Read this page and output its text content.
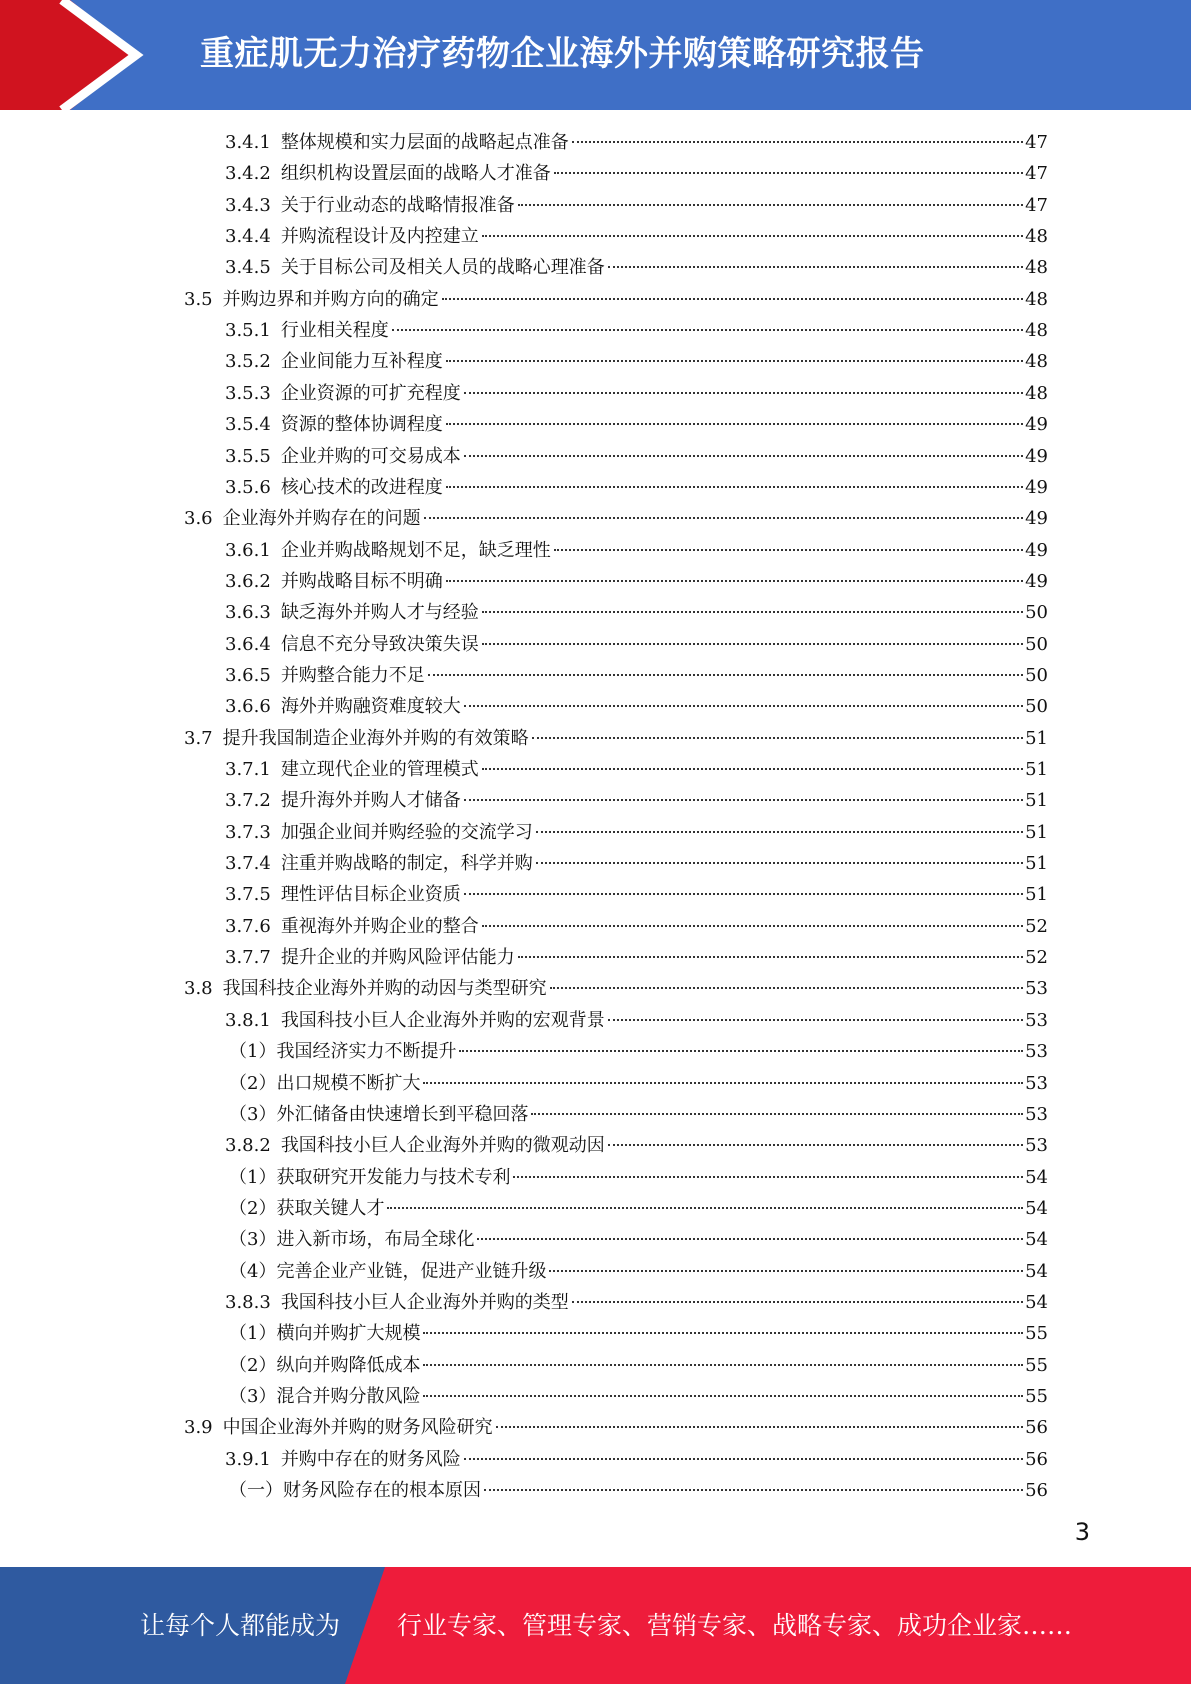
重症肌无力治疗药物企业海外并购策略研究报告
3.4.1 整体规模和实力层面的战略起点准备	47
3.4.2 组织机构设置层面的战略人才准备	47
3.4.3 关于行业动态的战略情报准备	47
3.4.4 并购流程设计及内控建立	48
3.4.5 关于目标公司及相关人员的战略心理准备	48
3.5 并购边界和并购方向的确定	48
3.5.1 行业相关程度	48
3.5.2 企业间能力互补程度	48
3.5.3 企业资源的可扩充程度	48
3.5.4 资源的整体协调程度	49
3.5.5 企业并购的可交易成本	49
3.5.6 核心技术的改进程度	49
3.6 企业海外并购存在的问题	49
3.6.1 企业并购战略规划不足，缺乏理性	49
3.6.2 并购战略目标不明确	49
3.6.3 缺乏海外并购人才与经验	50
3.6.4 信息不充分导致决策失误	50
3.6.5 并购整合能力不足	50
3.6.6 海外并购融资难度较大	50
3.7 提升我国制造企业海外并购的有效策略	51
3.7.1 建立现代企业的管理模式	51
3.7.2 提升海外并购人才储备	51
3.7.3 加强企业间并购经验的交流学习	51
3.7.4 注重并购战略的制定，科学并购	51
3.7.5 理性评估目标企业资质	51
3.7.6 重视海外并购企业的整合	52
3.7.7 提升企业的并购风险评估能力	52
3.8 我国科技企业海外并购的动因与类型研究	53
3.8.1 我国科技小巨人企业海外并购的宏观背景	53
（1）我国经济实力不断提升	53
（2）出口规模不断扩大	53
（3）外汇储备由快速增长到平稳回落	53
3.8.2 我国科技小巨人企业海外并购的微观动因	53
（1）获取研究开发能力与技术专利	54
（2）获取关键人才	54
（3）进入新市场，布局全球化	54
（4）完善企业产业链，促进产业链升级	54
3.8.3 我国科技小巨人企业海外并购的类型	54
（1）横向并购扩大规模	55
（2）纵向并购降低成本	55
（3）混合并购分散风险	55
3.9 中国企业海外并购的财务风险研究	56
3.9.1 并购中存在的财务风险	56
（一）财务风险存在的根本原因	56
3
让每个人都能成为 行业专家、管理专家、营销专家、战略专家、成功企业家……
